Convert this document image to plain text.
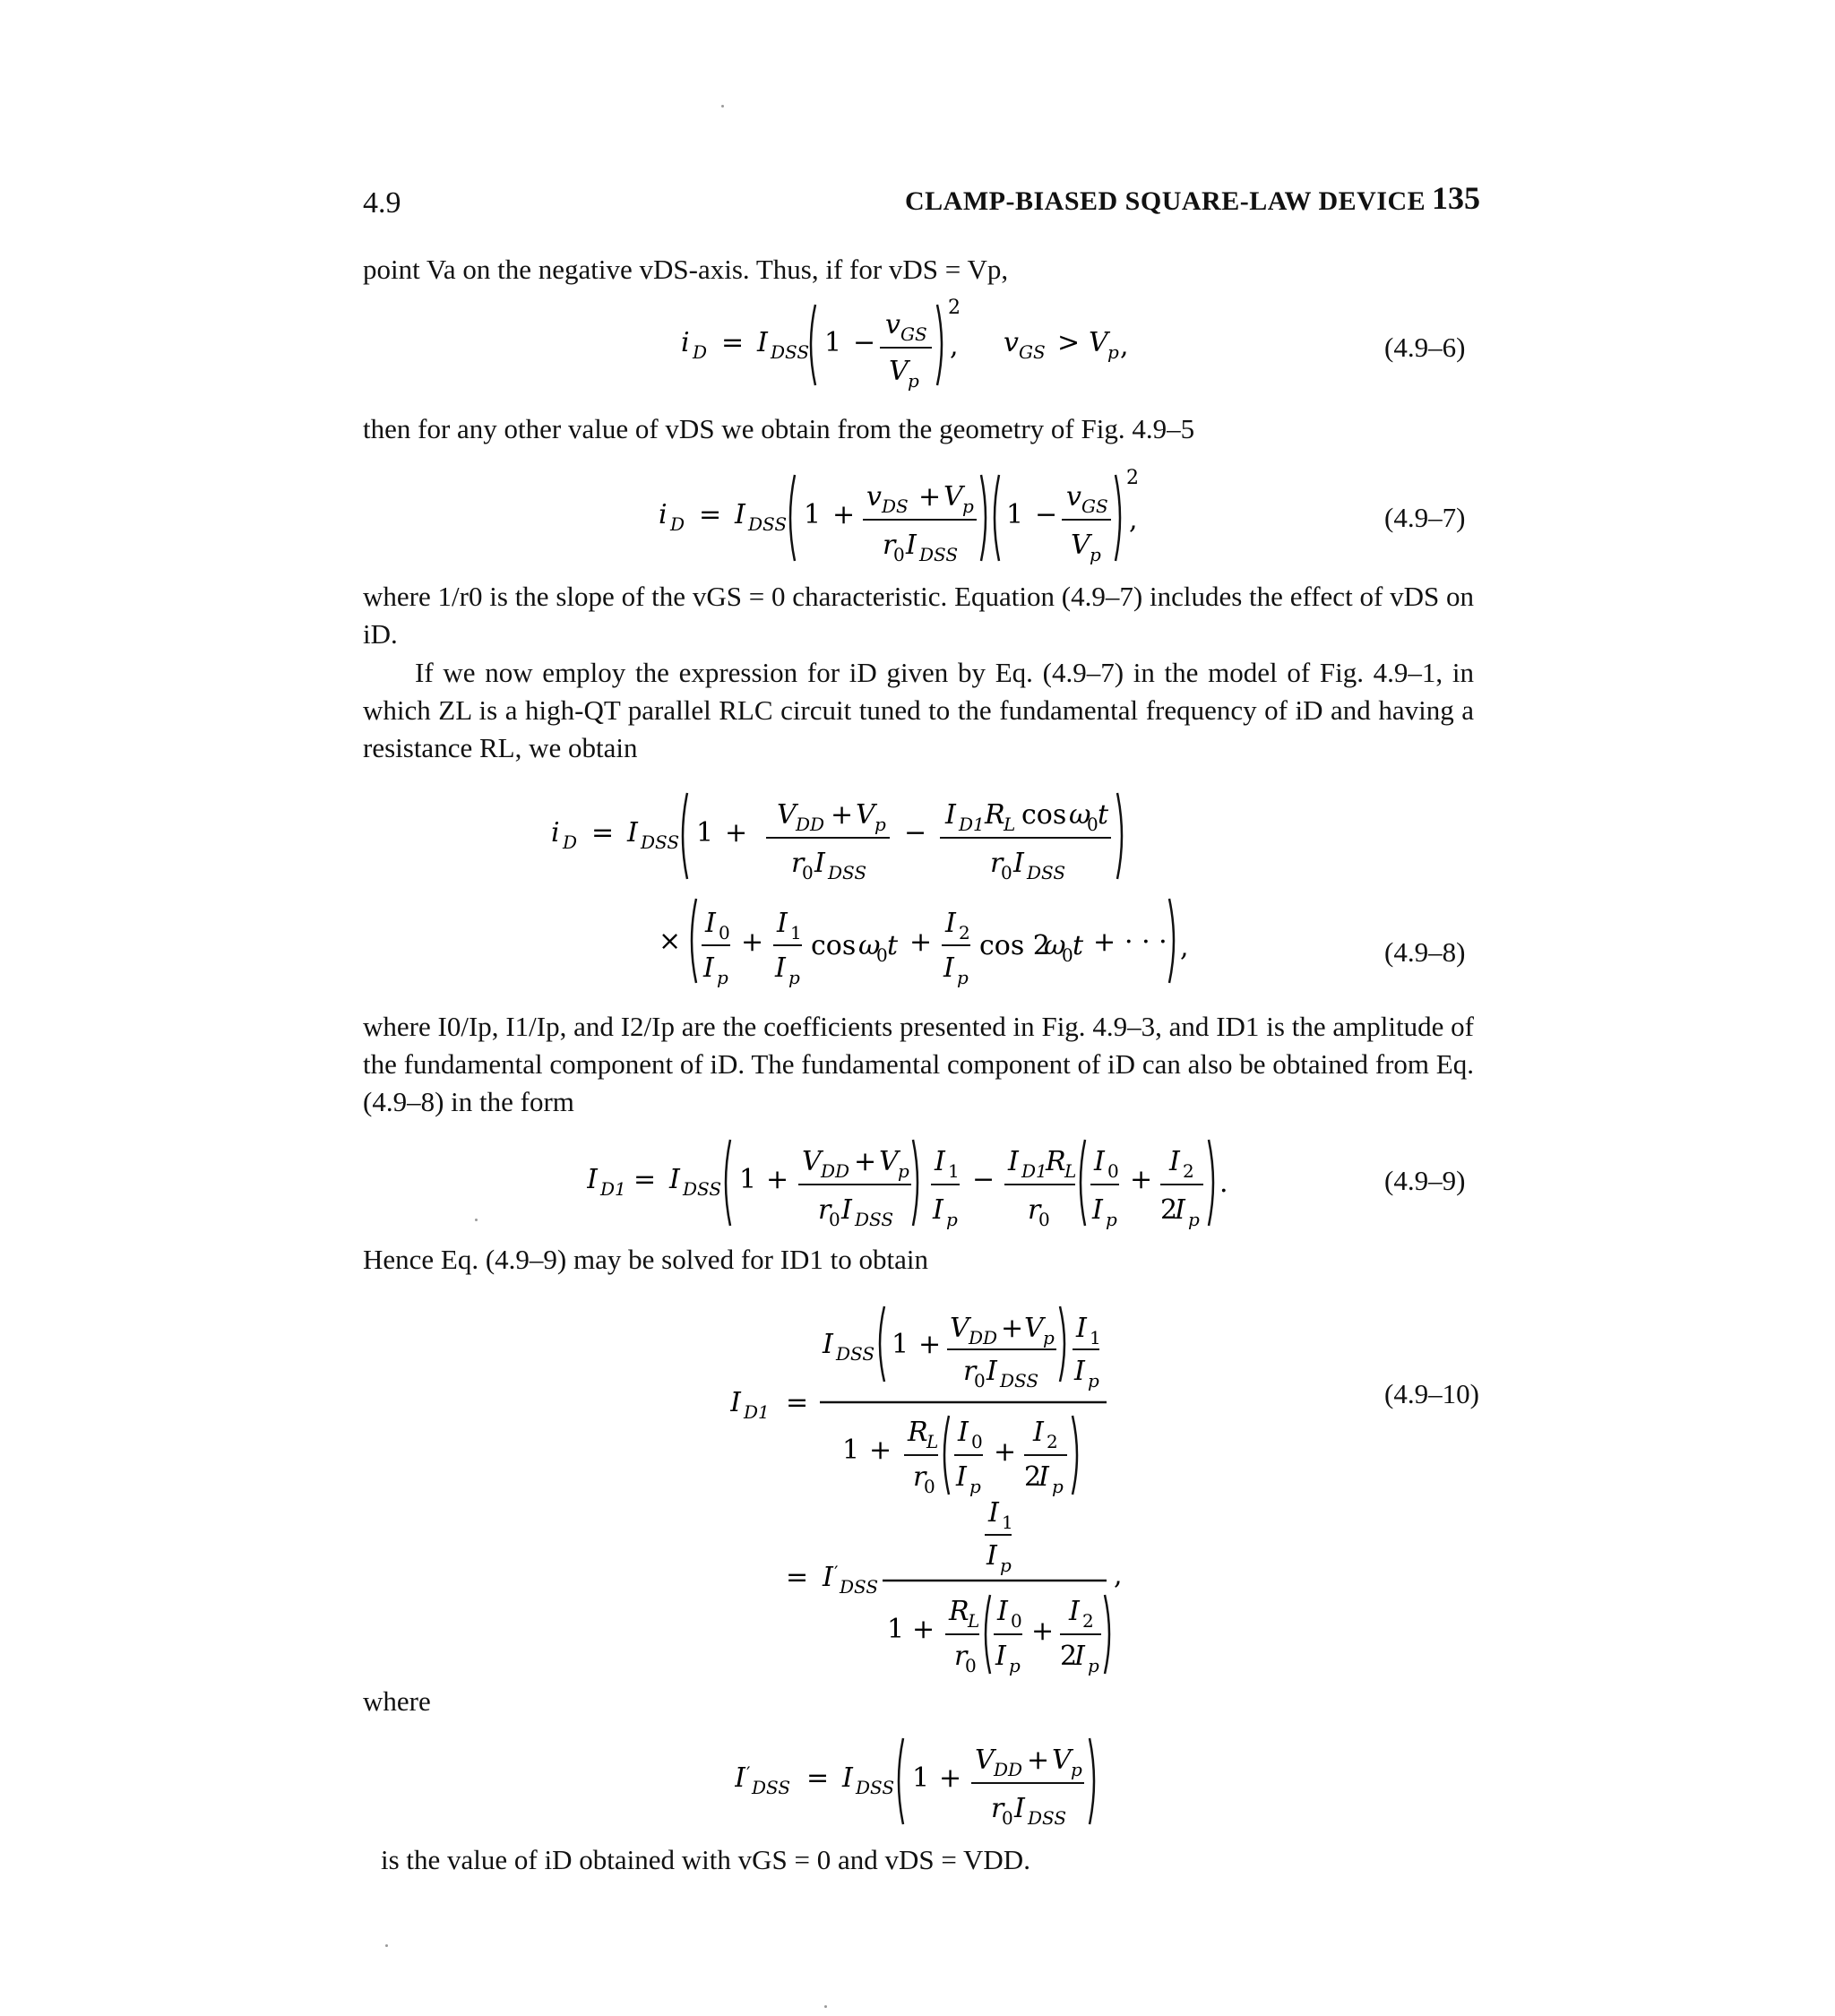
4.9	CLAMP-BIASED SQUARE-LAW DEVICE 135
point Va on the negative vDS-axis. Thus, if for vDS = Vp,
i D = I DSS 1 −
v GS
V p
2
, v GS > V p ,	(4.9–6)
then for any other value of vDS we obtain from the geometry of Fig. 4.9–5
i D = I DSS 1 +
v DS + V p
r
0 I DSS
1 −
v GS
V p
2
,	(4.9–7)
where 1/r0 is the slope of the vGS = 0 characteristic. Equation (4.9–7) includes the effect of vDS on iD.
If we now employ the expression for iD given by Eq. (4.9–7) in the model of Fig. 4.9–1, in which ZL is a high-QT parallel RLC circuit tuned to the fundamental frequency of iD and having a resistance RL, we obtain
i D = I DSS 1 +
V DD + V p
r
0 I DSS
−
I D1 R
L cos ω
0 t
r
0 I DSS
×
I 0
I p
+
I 1
I p
cos ω
0 t +
I 2
I p
cos 2
ω
0 t + · · · ,	(4.9–8)
where I0/Ip, I1/Ip, and I2/Ip are the coefficients presented in Fig. 4.9–3, and ID1 is the amplitude of the fundamental component of iD. The fundamental component of iD can also be obtained from Eq. (4.9–8) in the form
I D1 = I DSS 1 +
V DD + V p
r
0 I DSS
I 1
I p
−
I D1
R
L
r
0
I 0
I p
+
I 2
2
I p
.	(4.9–9)
Hence Eq. (4.9–9) may be solved for ID1 to obtain
I D1 =
I DSS 1 +
V DD + V p
r
0 I DSS
I 1
I p
1 +
R
L
r
0
I 0
I p
+
I 2
2
I p
= I ′
DSS
I 1
I p	,
1 +
R
L
r
0
I 0
I p
+
I 2
2
I p
(4.9–10)
where
I ′
DSS = I DSS 1 +
V DD + V p
r
0 I DSS
is the value of iD obtained with vGS = 0 and vDS = VDD.
